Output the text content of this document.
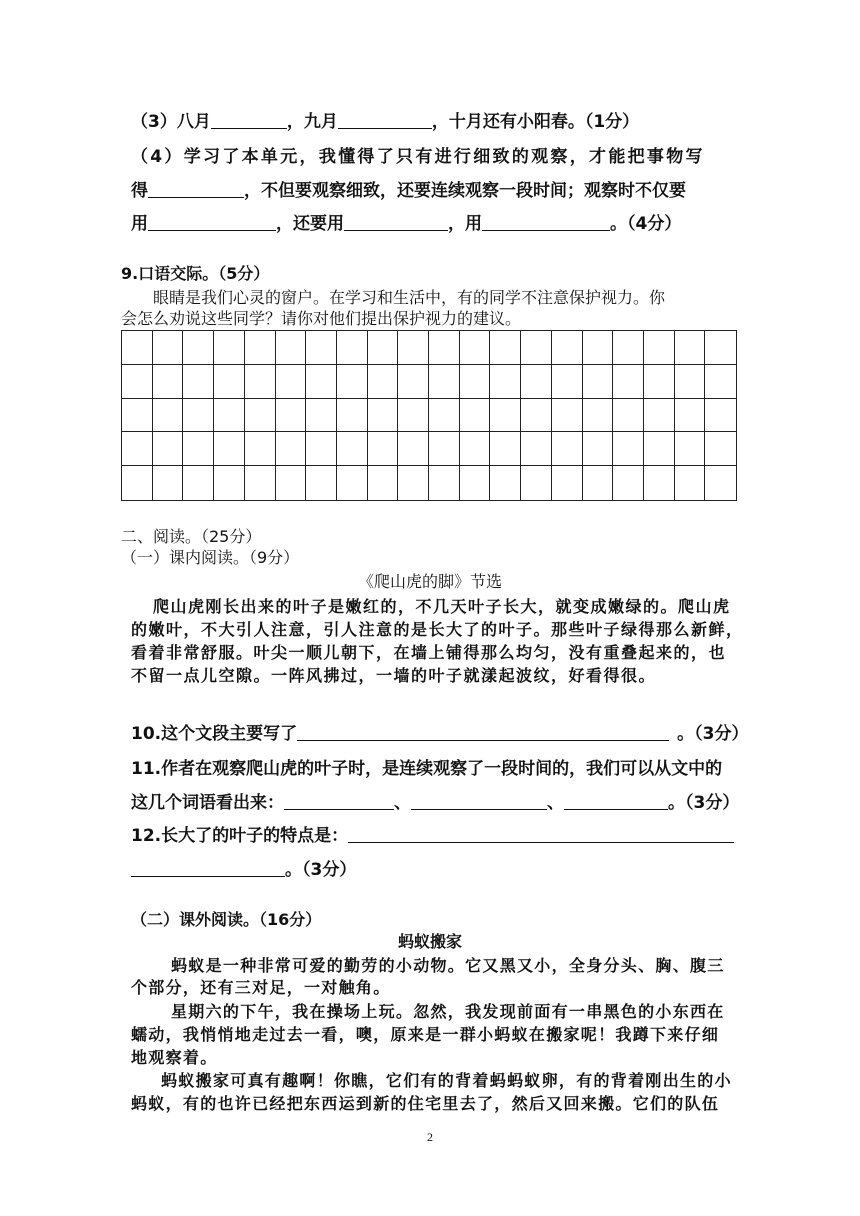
（3）八月	，九月	，十月还有小阳春。（1分）
（4）学习了本单元，我懂得了只有进行细致的观察，才能把事物写
得	，不但要观察细致，还要连续观察一段时间；观察时不仅要
用	，还要用	，用	。（4分）
9.口语交际。（5分）
眼睛是我们心灵的窗户。在学习和生活中，有的同学不注意保护视力。你
会怎么劝说这些同学？请你对他们提出保护视力的建议。
二、阅读。（25分）
（一）课内阅读。（9分）
《爬山虎的脚》节选
爬山虎刚长出来的叶子是嫩红的，不几天叶子长大，就变成嫩绿的。爬山虎
的嫩叶，不大引人注意，引人注意的是长大了的叶子。那些叶子绿得那么新鲜，
看着非常舒服。叶尖一顺儿朝下，在墙上铺得那么均匀，没有重叠起来的，也
不留一点儿空隙。一阵风拂过，一墙的叶子就漾起波纹，好看得很。
10.这个文段主要写了	。（3分）
11.作者在观察爬山虎的叶子时，是连续观察了一段时间的，我们可以从文中的
这几个词语看出来：	、	、	。（3分）
12.长大了的叶子的特点是：
。（3分）
（二）课外阅读。（16分）
蚂蚁搬家
蚂蚁是一种非常可爱的勤劳的小动物。它又黑又小，全身分头、胸、腹三
个部分，还有三对足，一对触角。
星期六的下午，我在操场上玩。忽然，我发现前面有一串黑色的小东西在
蠕动，我悄悄地走过去一看，噢，原来是一群小蚂蚁在搬家呢！我蹲下来仔细
地观察着。
蚂蚁搬家可真有趣啊！你瞧，它们有的背着蚂蚂蚁卵，有的背着刚出生的小
蚂蚁，有的也许已经把东西运到新的住宅里去了，然后又回来搬。它们的队伍
2
